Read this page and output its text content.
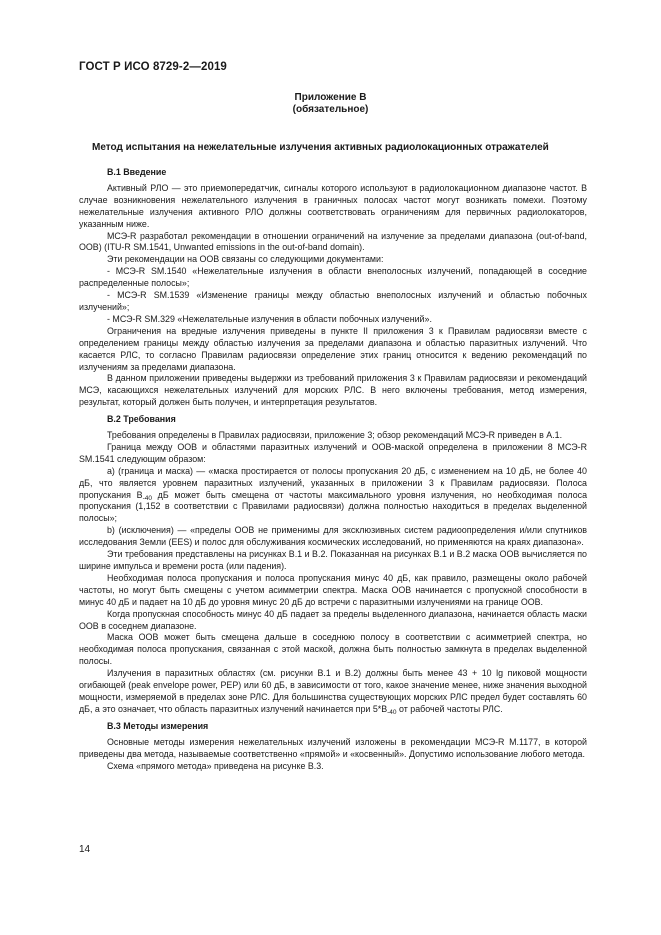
ГОСТ Р ИСО 8729-2—2019
Приложение В
(обязательное)
Метод испытания на нежелательные излучения активных радиолокационных отражателей
В.1 Введение

Активный РЛО — это приемопередатчик, сигналы которого используют в радиолокационном диапазоне частот. В случае возникновения нежелательного излучения в граничных полосах частот могут возникать помехи. Поэтому нежелательные излучения активного РЛО должны соответствовать ограничениям для первичных радиолокаторов, указанным ниже.

МСЭ-R разработал рекомендации в отношении ограничений на излучение за пределами диапазона (out-of-band, OOB) (ITU-R SM.1541, Unwanted emissions in the out-of-band domain).

Эти рекомендации на ООВ связаны со следующими документами:

- МСЭ-R SM.1540 «Нежелательные излучения в области внеполосных излучений, попадающей в соседние распределенные полосы»;

- МСЭ-R SM.1539 «Изменение границы между областью внеполосных излучений и областью побочных излучений»;

- МСЭ-R SM.329 «Нежелательные излучения в области побочных излучений».

Ограничения на вредные излучения приведены в пункте II приложения 3 к Правилам радиосвязи вместе с определением границы между областью излучения за пределами диапазона и областью паразитных излучений. Что касается РЛС, то согласно Правилам радиосвязи определение этих границ относится к ведению рекомендаций по излучениям за пределами диапазона.

В данном приложении приведены выдержки из требований приложения 3 к Правилам радиосвязи и рекомендаций МСЭ, касающихся нежелательных излучений для морских РЛС. В него включены требования, метод измерения, результат, который должен быть получен, и интерпретация результатов.

В.2 Требования

Требования определены в Правилах радиосвязи, приложение 3; обзор рекомендаций МСЭ-R приведен в А.1.

Граница между ООВ и областями паразитных излучений и ООВ-маской определена в приложении 8 МСЭ-R SM.1541 следующим образом:

а) (граница и маска) — «маска простирается от полосы пропускания 20 дБ, с изменением на 10 дБ, не более 40 дБ, что является уровнем паразитных излучений, указанных в приложении 3 к Правилам радиосвязи. Полоса пропускания $В_{-40}$ дБ может быть смещена от частоты максимального уровня излучения, но необходимая полоса пропускания (1,152 в соответствии с Правилами радиосвязи) должна полностью находиться в пределах выделенной полосы»;

b) (исключения) — «пределы ООВ не применимы для эксклюзивных систем радиоопределения и/или спутников исследования Земли (EES) и полос для обслуживания космических исследований, но применяются на краях диапазона».

Эти требования представлены на рисунках В.1 и В.2. Показанная на рисунках В.1 и В.2 маска ООВ вычисляется по ширине импульса и времени роста (или падения).

Необходимая полоса пропускания и полоса пропускания минус 40 дБ, как правило, размещены около рабочей частоты, но могут быть смещены с учетом асимметрии спектра. Маска ООВ начинается с пропускной способности в минус 40 дБ и падает на 10 дБ до уровня минус 20 дБ до встречи с паразитными излучениями на границе ООВ.

Когда пропускная способность минус 40 дБ падает за пределы выделенного диапазона, начинается область маски ООВ в соседнем диапазоне.

Маска ООВ может быть смещена дальше в соседнюю полосу в соответствии с асимметрией спектра, но необходимая полоса пропускания, связанная с этой маской, должна быть полностью замкнута в пределах выделенной полосы.

Излучения в паразитных областях (см. рисунки В.1 и В.2) должны быть менее 43 + 10 lg пиковой мощности огибающей (peak envelope power, PEP) или 60 дБ, в зависимости от того, какое значение менее, ниже значения выходной мощности, измеряемой в пределах зоне РЛС. Для большинства существующих морских РЛС предел будет составлять 60 дБ, а это означает, что область паразитных излучений начинается при $5*В_{-40}$ от рабочей частоты РЛС.

В.3 Методы измерения

Основные методы измерения нежелательных излучений изложены в рекомендации МСЭ-R M.1177, в которой приведены два метода, называемые соответственно «прямой» и «косвенный». Допустимо использование любого метода.

Схема «прямого метода» приведена на рисунке В.3.

14
